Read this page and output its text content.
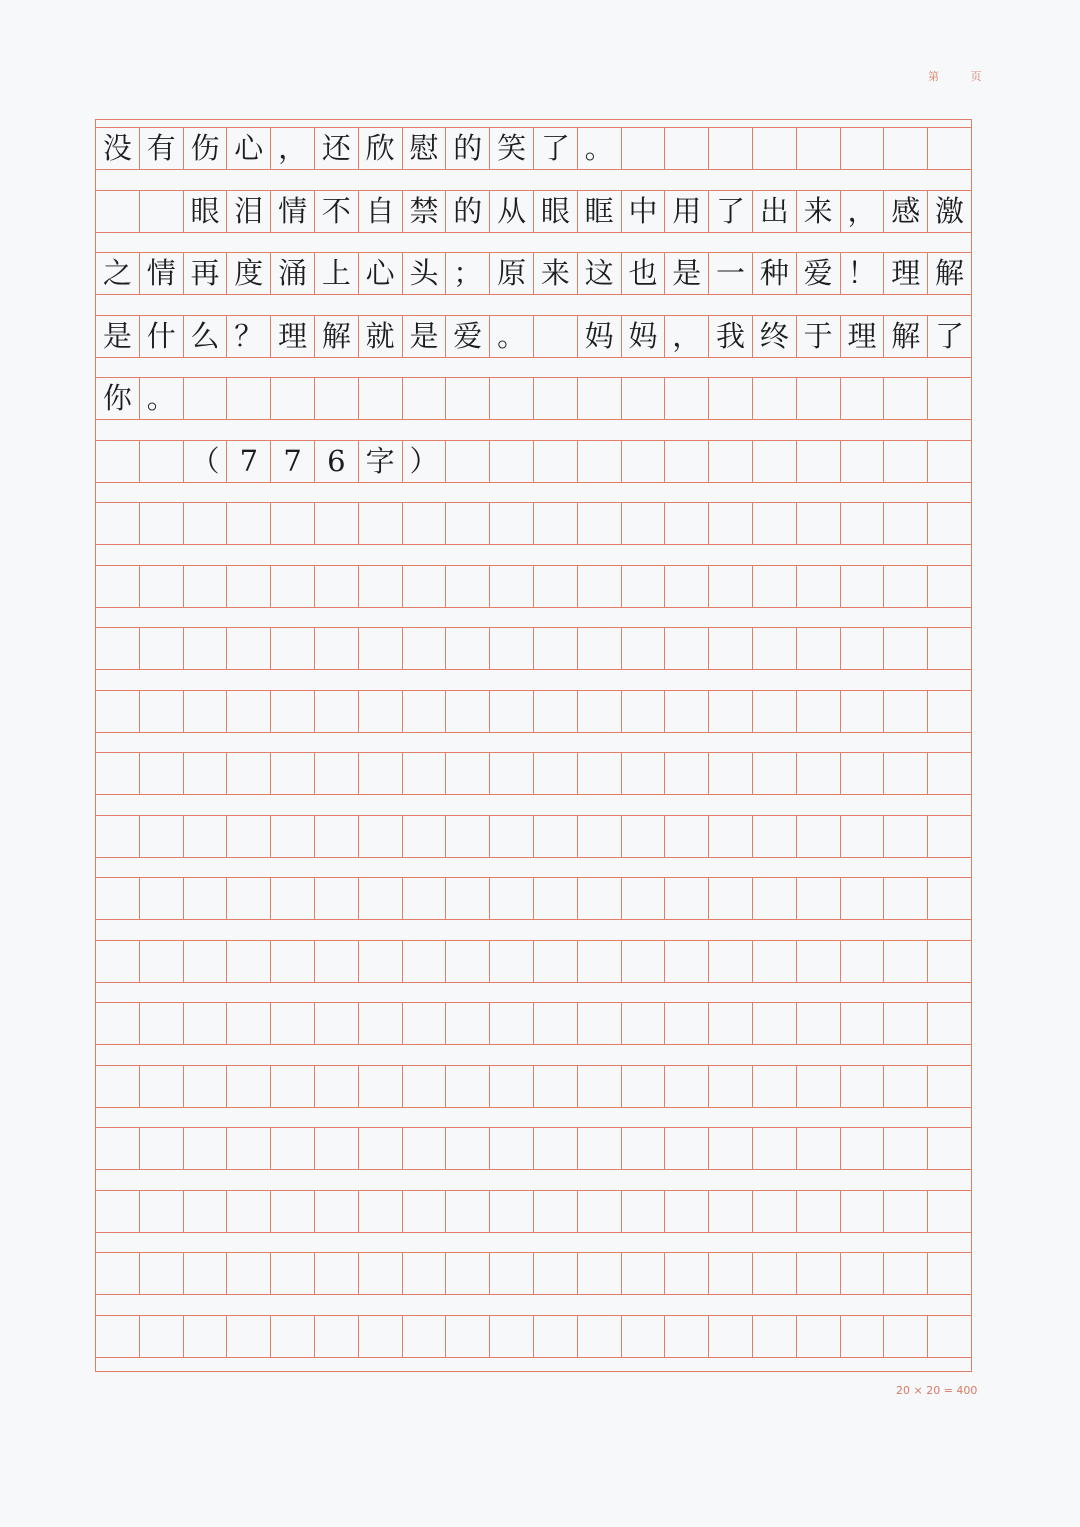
第 页
没 有 伤 心 ， 还 欣 慰 的 笑 了 。
眼 泪 情 不 自 禁 的 从 眼 眶 中 用 了 出 来 ， 感 激
之 情 再 度 涌 上 心 头 ； 原 来 这 也 是 一 种 爱 ！ 理 解
是 什 么 ？ 理 解 就 是 爱 。 妈 妈 ， 我 终 于 理 解 了
你 。
（ 7 7 6 字 ）
20 × 20 = 400
